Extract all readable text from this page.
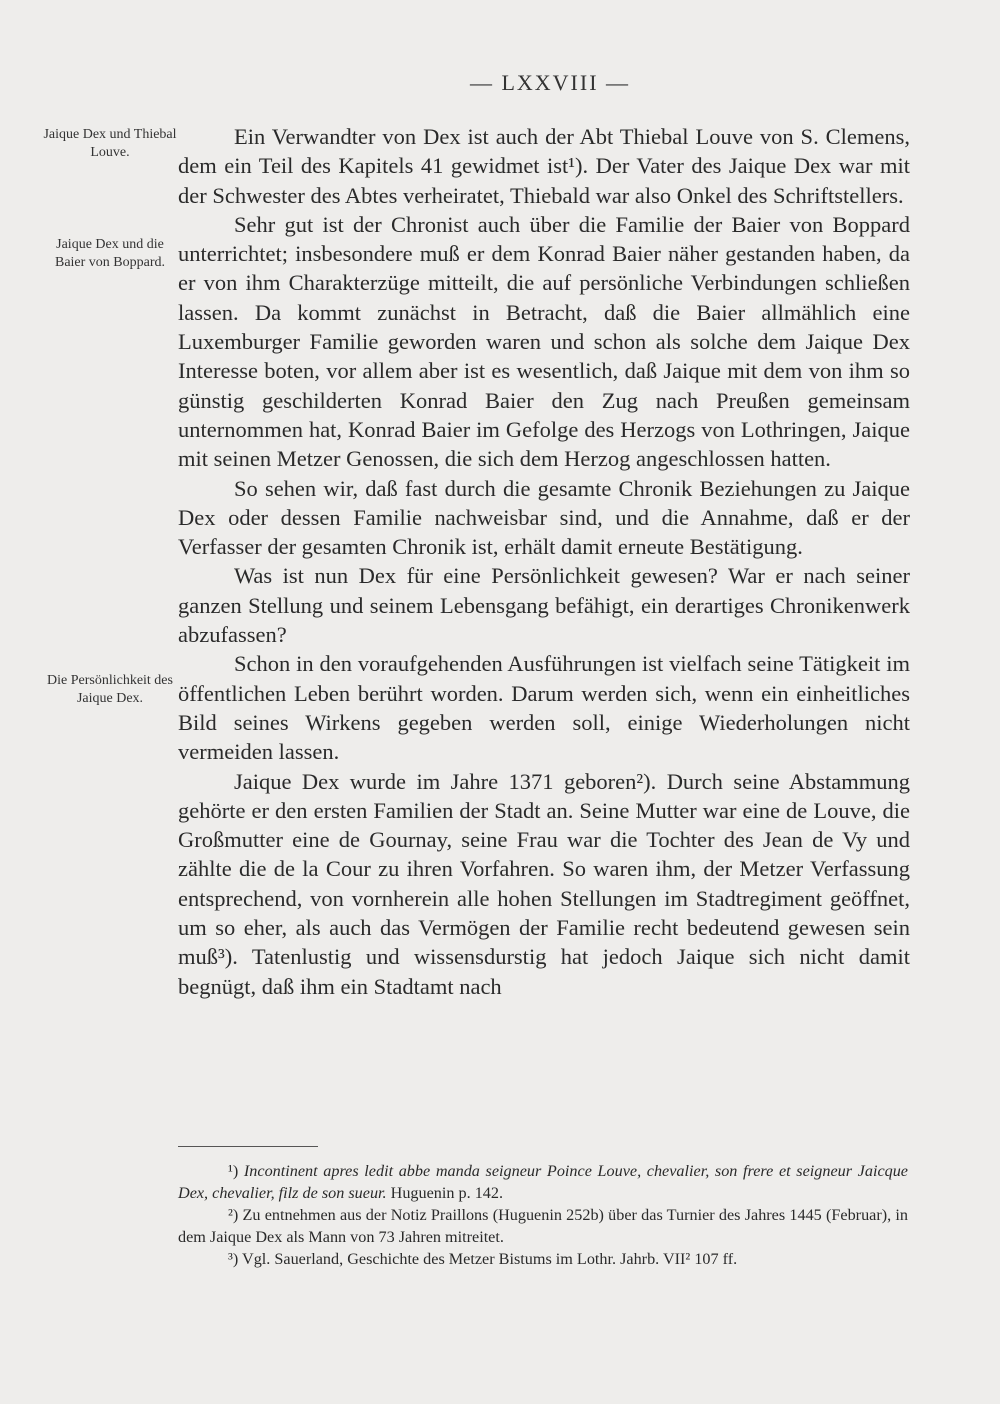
— LXXVIII —
Jaique Dex und Thiebal Louve.
Jaique Dex und die Baier von Boppard.
Die Persönlichkeit des Jaique Dex.

Ein Verwandter von Dex ist auch der Abt Thiebal Louve von S. Clemens, dem ein Teil des Kapitels 41 gewidmet ist¹). Der Vater des Jaique Dex war mit der Schwester des Abtes verheiratet, Thiebald war also Onkel des Schriftstellers.

Sehr gut ist der Chronist auch über die Familie der Baier von Boppard unterrichtet; insbesondere muß er dem Konrad Baier näher gestanden haben, da er von ihm Charakterzüge mitteilt, die auf persönliche Verbindungen schließen lassen. Da kommt zunächst in Betracht, daß die Baier allmählich eine Luxemburger Familie geworden waren und schon als solche dem Jaique Dex Interesse boten, vor allem aber ist es wesentlich, daß Jaique mit dem von ihm so günstig geschilderten Konrad Baier den Zug nach Preußen gemeinsam unternommen hat, Konrad Baier im Gefolge des Herzogs von Lothringen, Jaique mit seinen Metzer Genossen, die sich dem Herzog angeschlossen hatten.

So sehen wir, daß fast durch die gesamte Chronik Beziehungen zu Jaique Dex oder dessen Familie nachweisbar sind, und die Annahme, daß er der Verfasser der gesamten Chronik ist, erhält damit erneute Bestätigung.

Was ist nun Dex für eine Persönlichkeit gewesen? War er nach seiner ganzen Stellung und seinem Lebensgang befähigt, ein derartiges Chronikenwerk abzufassen?

Schon in den voraufgehenden Ausführungen ist vielfach seine Tätigkeit im öffentlichen Leben berührt worden. Darum werden sich, wenn ein einheitliches Bild seines Wirkens gegeben werden soll, einige Wiederholungen nicht vermeiden lassen.

Jaique Dex wurde im Jahre 1371 geboren²). Durch seine Abstammung gehörte er den ersten Familien der Stadt an. Seine Mutter war eine de Louve, die Großmutter eine de Gournay, seine Frau war die Tochter des Jean de Vy und zählte die de la Cour zu ihren Vorfahren. So waren ihm, der Metzer Verfassung entsprechend, von vornherein alle hohen Stellungen im Stadtregiment geöffnet, um so eher, als auch das Vermögen der Familie recht bedeutend gewesen sein muß³). Tatenlustig und wissensdurstig hat jedoch Jaique sich nicht damit begnügt, daß ihm ein Stadtamt nach

¹) Incontinent apres ledit abbe manda seigneur Poince Louve, chevalier, son frere et seigneur Jaicque Dex, chevalier, filz de son sueur. Huguenin p. 142.

²) Zu entnehmen aus der Notiz Praillons (Huguenin 252b) über das Turnier des Jahres 1445 (Februar), in dem Jaique Dex als Mann von 73 Jahren mitreitet.

³) Vgl. Sauerland, Geschichte des Metzer Bistums im Lothr. Jahrb. VII² 107 ff.
